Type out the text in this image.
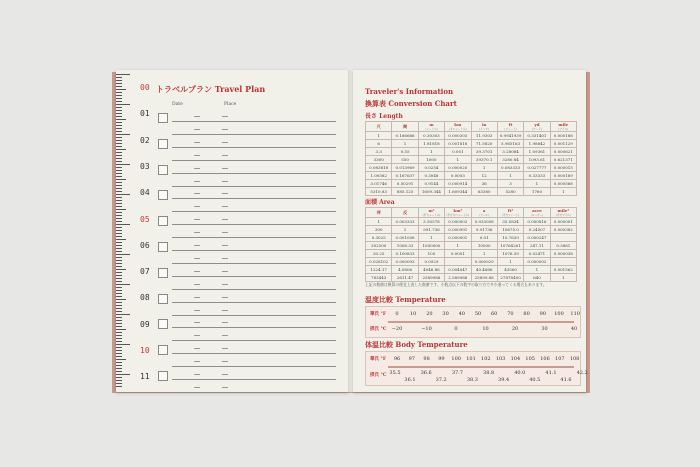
00
01
02
03
04
05
06
07
08
09
10
11
トラベルプラン Travel Plan
Date	Place
Traveler's Information
換算表 Conversion Chart
長さ Length
尺	間	m
(メートル)	km
(キロメートル)	in
(インチ)	ft
(フィート)	yd
(ヤード)	mile
(マイル)

1	0.166666	0.30303	0.000303	11.9303	0.9941939	0.331401	0.000188
6	1	1.81818	0.001818	71.5820	5.965163	1.98842	0.001129
3.3	0.55	1	0.001	39.3701	3.28084	1.09361	0.000621
3300	550	1000	1	39370.1	3280.84	1093.61	0.621371
0.083818	0.013969	0.0254	0.000025	1	0.083333	0.027777	0.000015
1.00582	0.167637	0.3048	0.0003	12	1	0.33333	0.000189
3.01746	0.50291	0.9144	0.000914	36	3	1	0.000568
5310.83	885.125	1609.344	1.609344	63360	5280	1760	1
面積 Area
坪	反	m²
(平方メートル)	km²
(平方キロメートル)	a
(アール)	ft²
(平方フィート)	acre
(エーカー)	mile²
(平方マイル)

1	0.003333	3.30578	0.000003	0.033058	35.5834	0.000816	0.000001
300	1	991.736	0.000991	9.91736	10675.0	0.24507	0.000382
0.3025	0.001008	1	0.000001	0.01	10.7639	0.000247	
302500	1008.33	1000000	1	10000	10764261	247.11	0.3861
30.25	0.100833	100	0.0001	1	1076.39	0.02471	0.000038
0.028102	0.000093	0.0929		0.000929	1	0.000002	
1224.17	4.0806	4046.86	0.004047	40.4686	43560	1	0.001562
783443	2611.47	2589988	2.589988	25899.88	27878400	640	1
上記の数値は換算の便宜上表した数値です。小数点以下の数字の取り方で多少違ってくる場合もあります。
温度比較 Temperature
華氏 °F
摂氏 °C
0	10	20	30	40	50	60	70	80	90	100	110
−20	−10	0	10	20	30	40
体温比較 Body Temperature
華氏 °F
摂氏 °C
96	97	98	99	100	101	102	103	104	105	106	107	108
35.5	36.6	37.7	38.8	40.0	41.1	42.2
36.1	37.2	38.3	39.4	40.5	41.6
